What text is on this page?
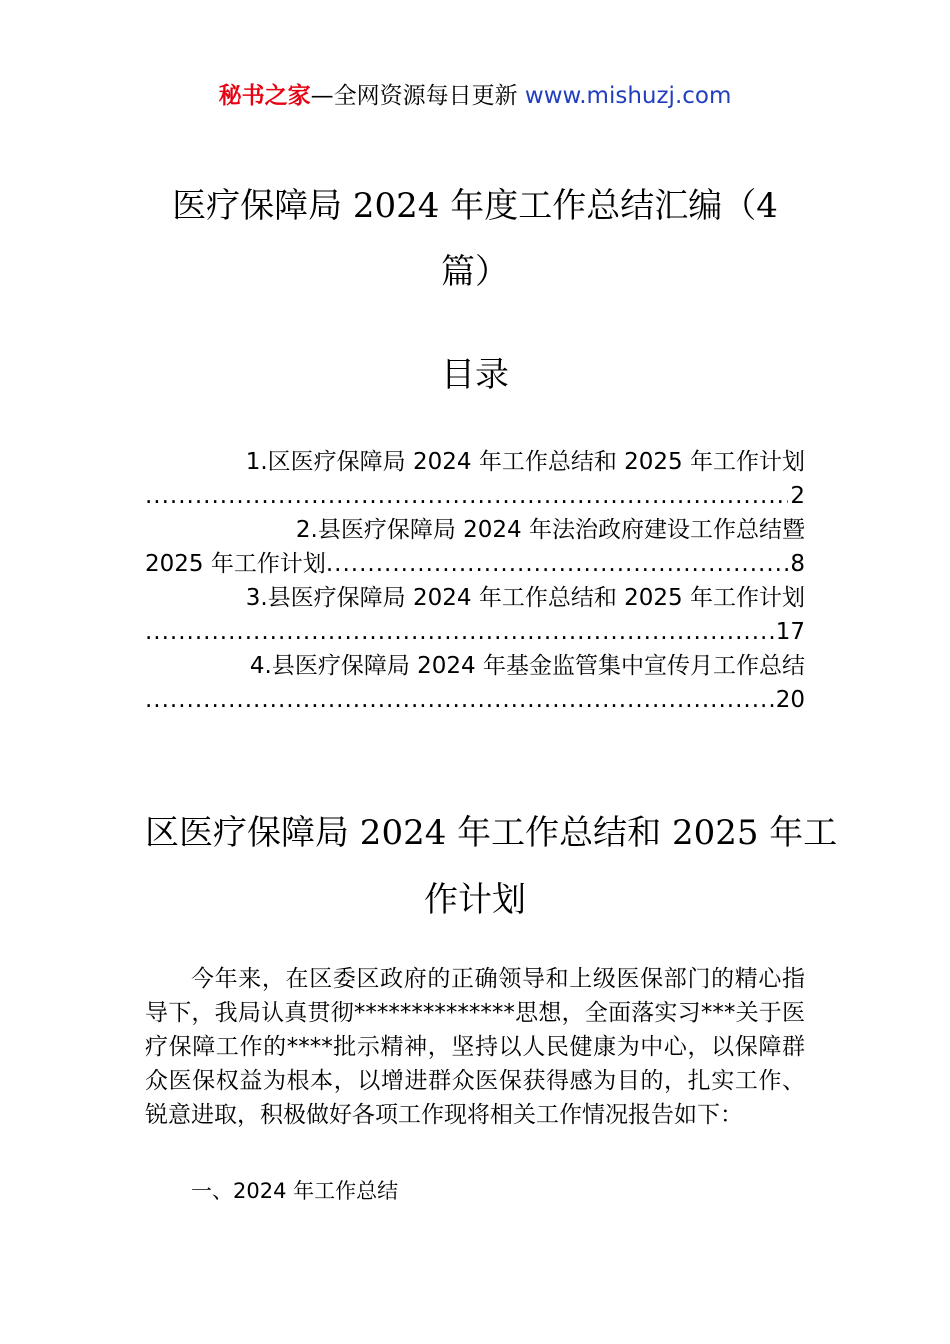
秘书之家—全网资源每日更新 www.mishuzj.com
医疗保障局 2024 年度工作总结汇编（4
篇）
目录
1.区医疗保障局 2024 年工作总结和 2025 年工作计划
.....
2
2.县医疗保障局 2024 年法治政府建设工作总结暨
2025 年工作计划
.....	8
3.县医疗保障局 2024 年工作总结和 2025 年工作计划
.....
17
4.县医疗保障局 2024 年基金监管集中宣传月工作总结
.....
20
区医疗保障局 2024 年工作总结和 2025 年工
作计划

今年来，在区委区政府的正确领导和上级医保部门的精心指导下，我局认真贯彻**************思想，全面落实习***关于医疗保障工作的****批示精神，坚持以人民健康为中心，以保障群众医保权益为根本，以增进群众医保获得感为目的，扎实工作、锐意进取，积极做好各项工作现将相关工作情况报告如下：

一、2024 年工作总结
